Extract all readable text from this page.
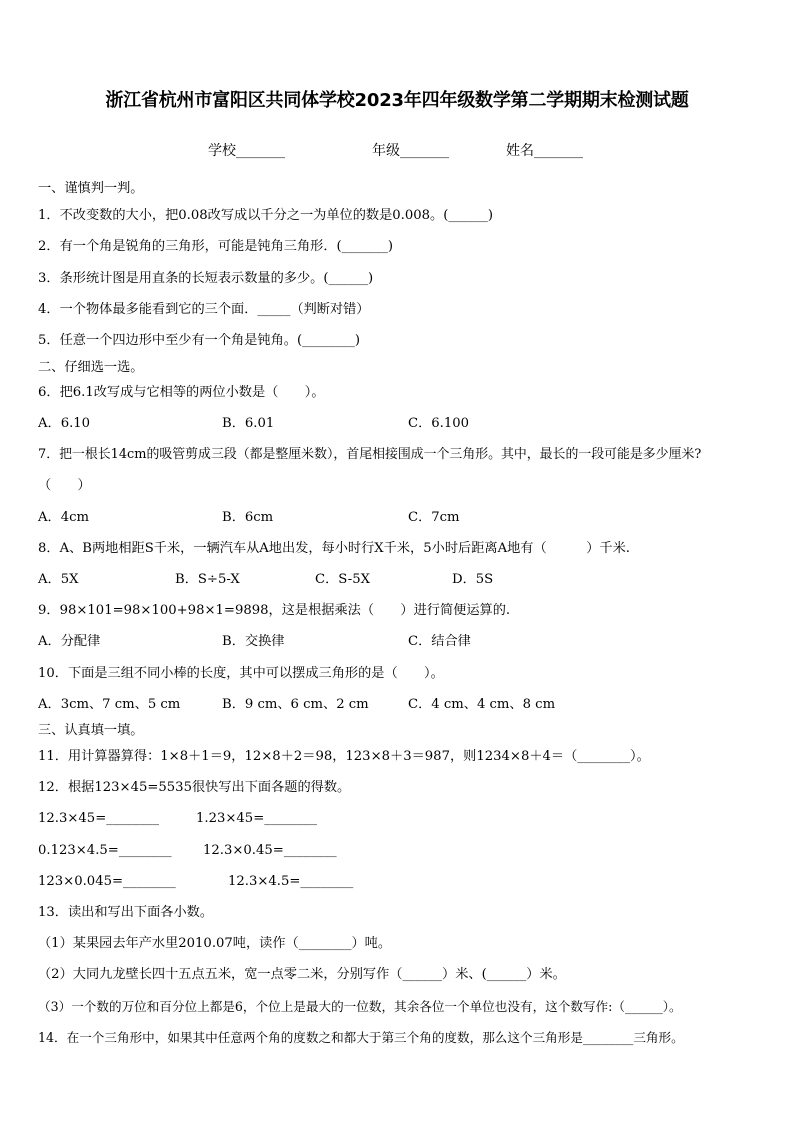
浙江省杭州市富阳区共同体学校2023年四年级数学第二学期期末检测试题
学校_______	年级_______	姓名_______
一、谨慎判一判。
1．不改变数的大小，把0.08改写成以千分之一为单位的数是0.008。(______)
2．有一个角是锐角的三角形，可能是钝角三角形．(_______)
3．条形统计图是用直条的长短表示数量的多少。(______)
4．一个物体最多能看到它的三个面．_____（判断对错）
5．任意一个四边形中至少有一个角是钝角。(________)
二、仔细选一选。
6．把6.1改写成与它相等的两位小数是（　　）。
A．6.10	B．6.01	C．6.100
7．把一根长14cm的吸管剪成三段（都是整厘米数），首尾相接围成一个三角形。其中，最长的一段可能是多少厘米?
（　　）
A．4cm	B．6cm	C．7cm
8．A、B两地相距S千米，一辆汽车从A地出发，每小时行X千米，5小时后距离A地有（　　　）千米.
A．5X	B．S÷5-X	C．S-5X	D．5S
9．98×101=98×100+98×1=9898，这是根据乘法（　　）进行简便运算的.
A．分配律	B．交换律	C．结合律
10．下面是三组不同小棒的长度，其中可以摆成三角形的是（　　）。
A．3cm、7 cm、5 cm	B．9 cm、6 cm、2 cm	C．4 cm、4 cm、8 cm
三、认真填一填。
11．用计算器算得：1×8＋1＝9，12×8＋2＝98，123×8＋3＝987，则1234×8＋4＝（________）。
12．根据123×45=5535很快写出下面各题的得数。
12.3×45=________	1.23×45=________
0.123×4.5=________ 12.3×0.45=________
123×0.045=________	12.3×4.5=________
13．读出和写出下面各小数。
（1）某果园去年产水里2010.07吨，读作（________）吨。
（2）大同九龙壁长四十五点五米，宽一点零二米，分别写作（______）米、(______）米。
（3）一个数的万位和百分位上都是6，个位上是最大的一位数，其余各位一个单位也没有，这个数写作:（______）。
14．在一个三角形中，如果其中任意两个角的度数之和都大于第三个角的度数，那么这个三角形是________三角形。
